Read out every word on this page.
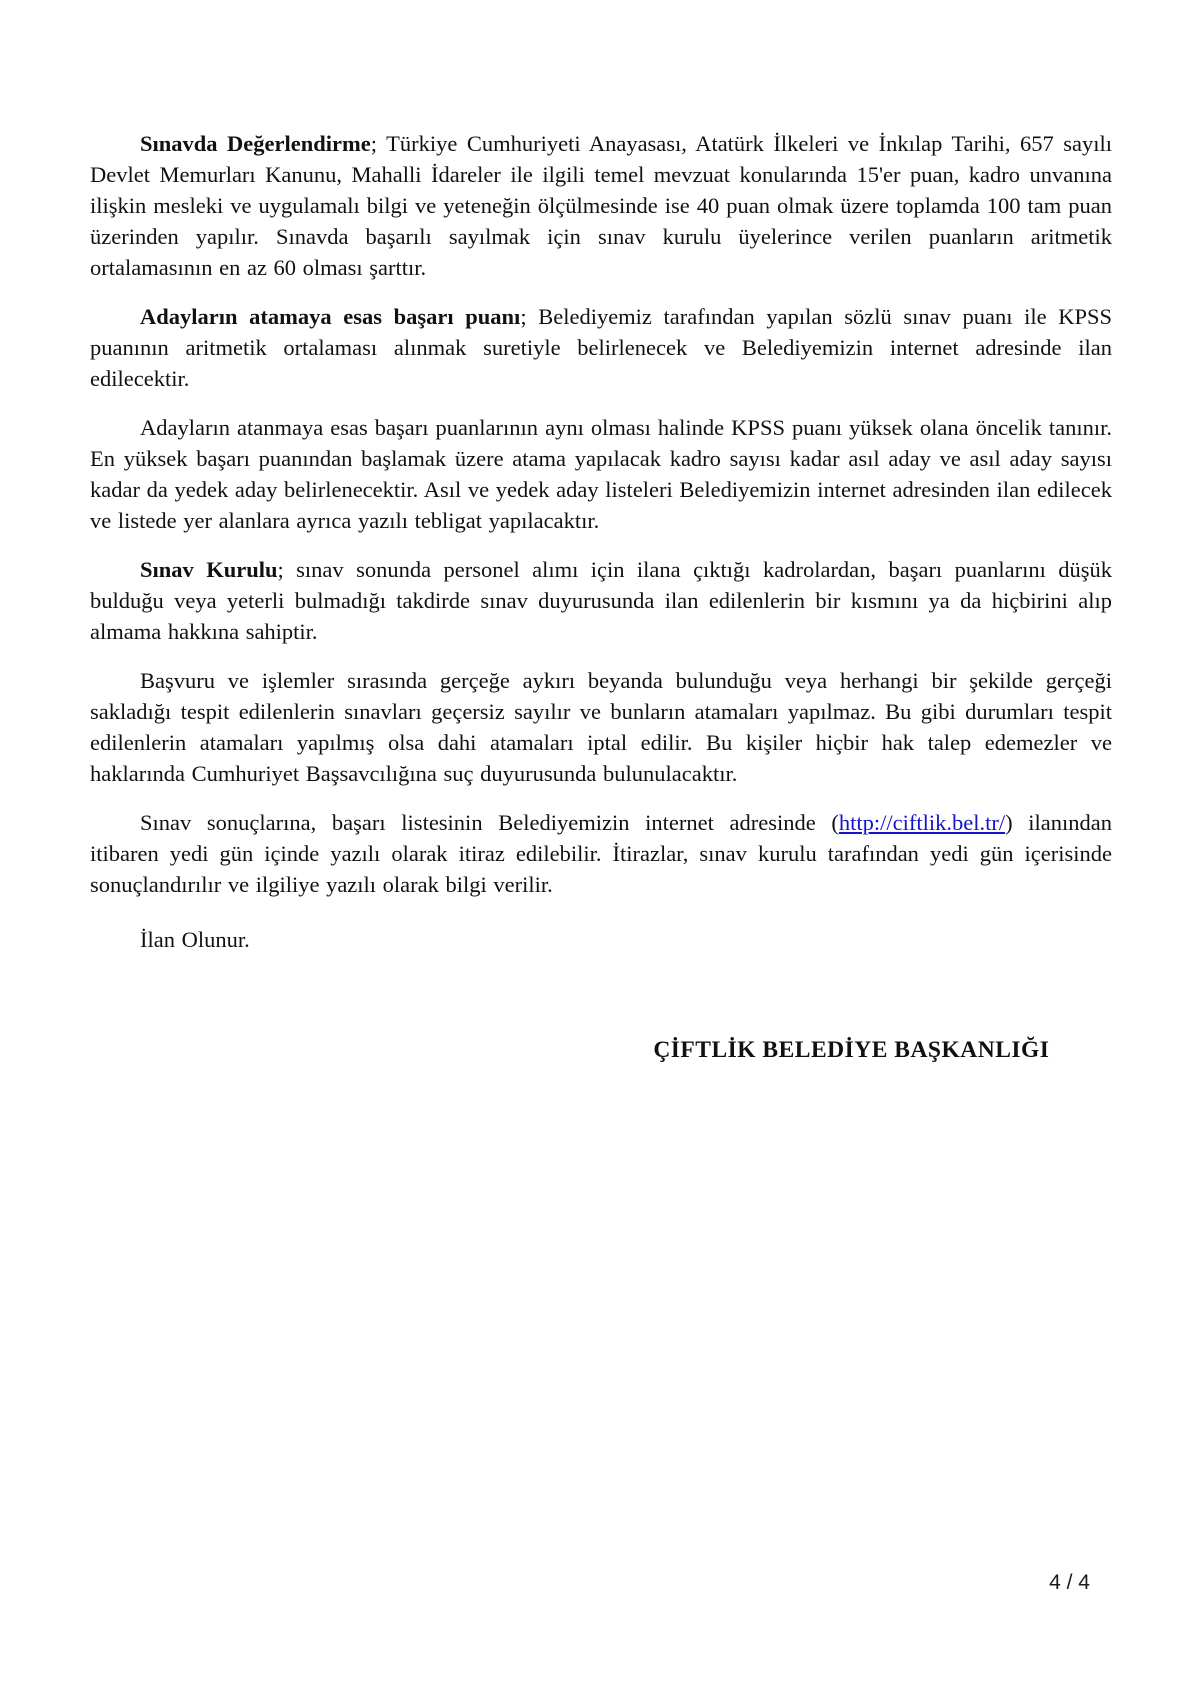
Sınavda Değerlendirme; Türkiye Cumhuriyeti Anayasası, Atatürk İlkeleri ve İnkılap Tarihi, 657 sayılı Devlet Memurları Kanunu, Mahalli İdareler ile ilgili temel mevzuat konularında 15'er puan, kadro unvanına ilişkin mesleki ve uygulamalı bilgi ve yeteneğin ölçülmesinde ise 40 puan olmak üzere toplamda 100 tam puan üzerinden yapılır. Sınavda başarılı sayılmak için sınav kurulu üyelerince verilen puanların aritmetik ortalamasının en az 60 olması şarttır.

Adayların atamaya esas başarı puanı; Belediyemiz tarafından yapılan sözlü sınav puanı ile KPSS puanının aritmetik ortalaması alınmak suretiyle belirlenecek ve Belediyemizin internet adresinde ilan edilecektir.

Adayların atanmaya esas başarı puanlarının aynı olması halinde KPSS puanı yüksek olana öncelik tanınır. En yüksek başarı puanından başlamak üzere atama yapılacak kadro sayısı kadar asıl aday ve asıl aday sayısı kadar da yedek aday belirlenecektir. Asıl ve yedek aday listeleri Belediyemizin internet adresinden ilan edilecek ve listede yer alanlara ayrıca yazılı tebligat yapılacaktır.

Sınav Kurulu; sınav sonunda personel alımı için ilana çıktığı kadrolardan, başarı puanlarını düşük bulduğu veya yeterli bulmadığı takdirde sınav duyurusunda ilan edilenlerin bir kısmını ya da hiçbirini alıp almama hakkına sahiptir.

Başvuru ve işlemler sırasında gerçeğe aykırı beyanda bulunduğu veya herhangi bir şekilde gerçeği sakladığı tespit edilenlerin sınavları geçersiz sayılır ve bunların atamaları yapılmaz. Bu gibi durumları tespit edilenlerin atamaları yapılmış olsa dahi atamaları iptal edilir. Bu kişiler hiçbir hak talep edemezler ve haklarında Cumhuriyet Başsavcılığına suç duyurusunda bulunulacaktır.

Sınav sonuçlarına, başarı listesinin Belediyemizin internet adresinde (http://ciftlik.bel.tr/) ilanından itibaren yedi gün içinde yazılı olarak itiraz edilebilir. İtirazlar, sınav kurulu tarafından yedi gün içerisinde sonuçlandırılır ve ilgiliye yazılı olarak bilgi verilir.

İlan Olunur.

ÇİFTLİK BELEDİYE BAŞKANLIĞI
4 / 4
